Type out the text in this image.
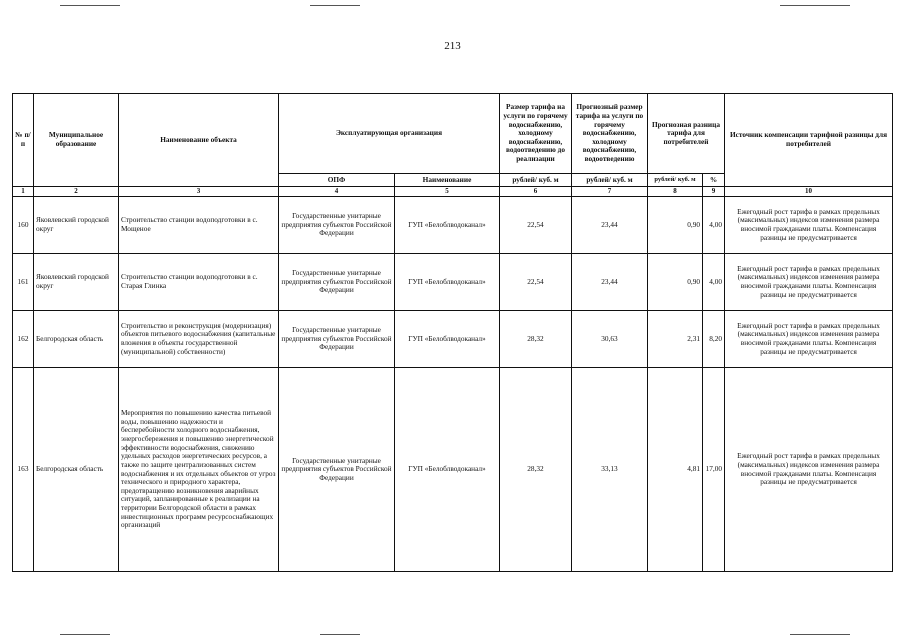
213
№ п/п	Муниципальное образование	Наименование объекта	Эксплуатирующая организация		Размер тарифа на услуги по горячему водоснабжению, холодному водоснабжению, водоотведению до реализации	Прогнозный размер тарифа на услуги по горячему водоснабжению, холодному водоснабжению, водоотведению	Прогнозная разница тарифа для потребителей		Источник компенсации тарифной разницы для потребителей
			ОПФ	Наименование	рублей/ куб. м	рублей/ куб. м	рублей/ куб. м	%	
1	2	3	4	5	6	7	8	9	10
160	Яковлевский городской округ	Строительство станции водоподготовки в с. Мощеное	Государственные унитарные предприятия субъектов Российской Федерации	ГУП «Белоблводоканал»	22,54	23,44	0,90	4,00	Ежегодный рост тарифа в рамках предельных (максимальных) индексов изменения размера вносимой гражданами платы. Компенсация разницы не предусматривается
161	Яковлевский городской округ	Строительство станции водоподготовки в с. Старая Глинка	Государственные унитарные предприятия субъектов Российской Федерации	ГУП «Белоблводоканал»	22,54	23,44	0,90	4,00	Ежегодный рост тарифа в рамках предельных (максимальных) индексов изменения размера вносимой гражданами платы. Компенсация разницы не предусматривается
162	Белгородская область	Строительство и реконструкция (модернизация) объектов питьевого водоснабжения (капитальные вложения в объекты государственной (муниципальной) собственности)	Государственные унитарные предприятия субъектов Российской Федерации	ГУП «Белоблводоканал»	28,32	30,63	2,31	8,20	Ежегодный рост тарифа в рамках предельных (максимальных) индексов изменения размера вносимой гражданами платы. Компенсация разницы не предусматривается
163	Белгородская область	Мероприятия по повышению качества питьевой воды, повышению надежности и бесперебойности холодного водоснабжения, энергосбережения и повышению энергетической эффективности водоснабжения, снижению удельных расходов энергетических ресурсов, а также по защите централизованных систем водоснабжения и их отдельных объектов от угроз технического и природного характера, предотвращению возникновения аварийных ситуаций, запланированные к реализации на территории Белгородской области в рамках инвестиционных программ ресурсоснабжающих организаций	Государственные унитарные предприятия субъектов Российской Федерации	ГУП «Белоблводоканал»	28,32	33,13	4,81	17,00	Ежегодный рост тарифа в рамках предельных (максимальных) индексов изменения размера вносимой гражданами платы. Компенсация разницы не предусматривается
